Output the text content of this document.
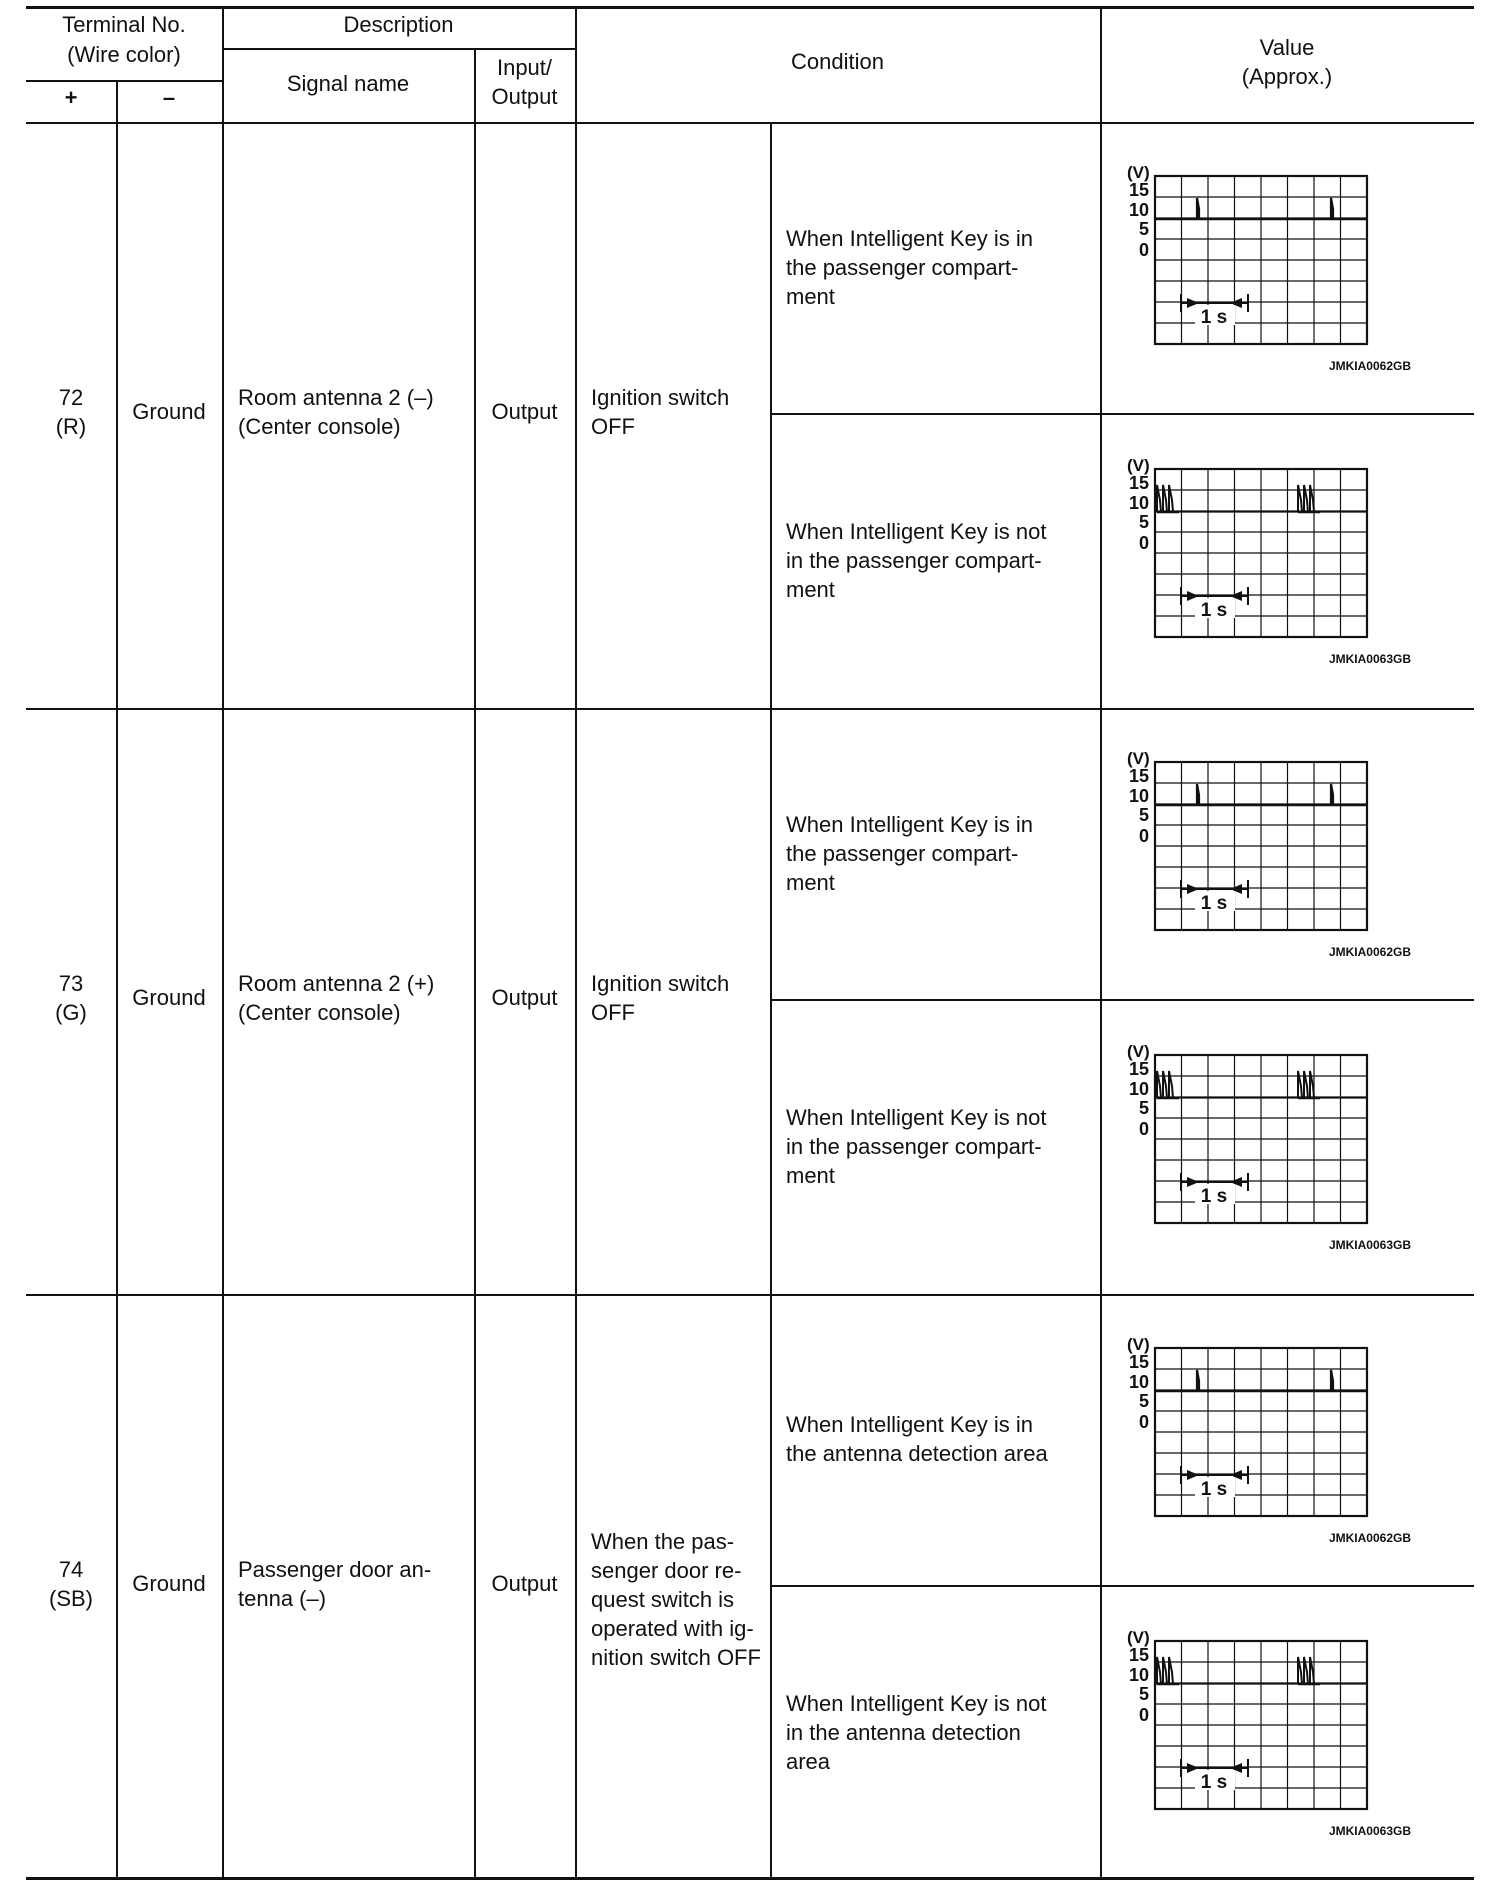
Terminal No.
(Wire color)
+	–
Description
Signal name
Input/
Output
Condition
Value
(Approx.)
72
(R)
Ground
Room antenna 2 (–)
(Center console)
Output
Ignition switch
OFF
When Intelligent Key is in
the passenger compart-
ment
When Intelligent Key is not
in the passenger compart-
ment
73
(G)
Ground
Room antenna 2 (+)
(Center console)
Output
Ignition switch
OFF
When Intelligent Key is in
the passenger compart-
ment
When Intelligent Key is not
in the passenger compart-
ment
74
(SB)
Ground
Passenger door an-
tenna (–)
Output
When the pas-
senger door re-
quest switch is
operated with ig-
nition switch OFF
When Intelligent Key is in
the antenna detection area
When Intelligent Key is not
in the antenna detection
area
(V)
15
10
5
0
1 s
JMKIA0062GB
(V)
15
10
5
0
1 s
JMKIA0063GB
(V)
15
10
5
0
1 s
JMKIA0062GB
(V)
15
10
5
0
1 s
JMKIA0063GB
(V)
15
10
5
0
1 s
JMKIA0062GB
(V)
15
10
5
0
1 s
JMKIA0063GB
